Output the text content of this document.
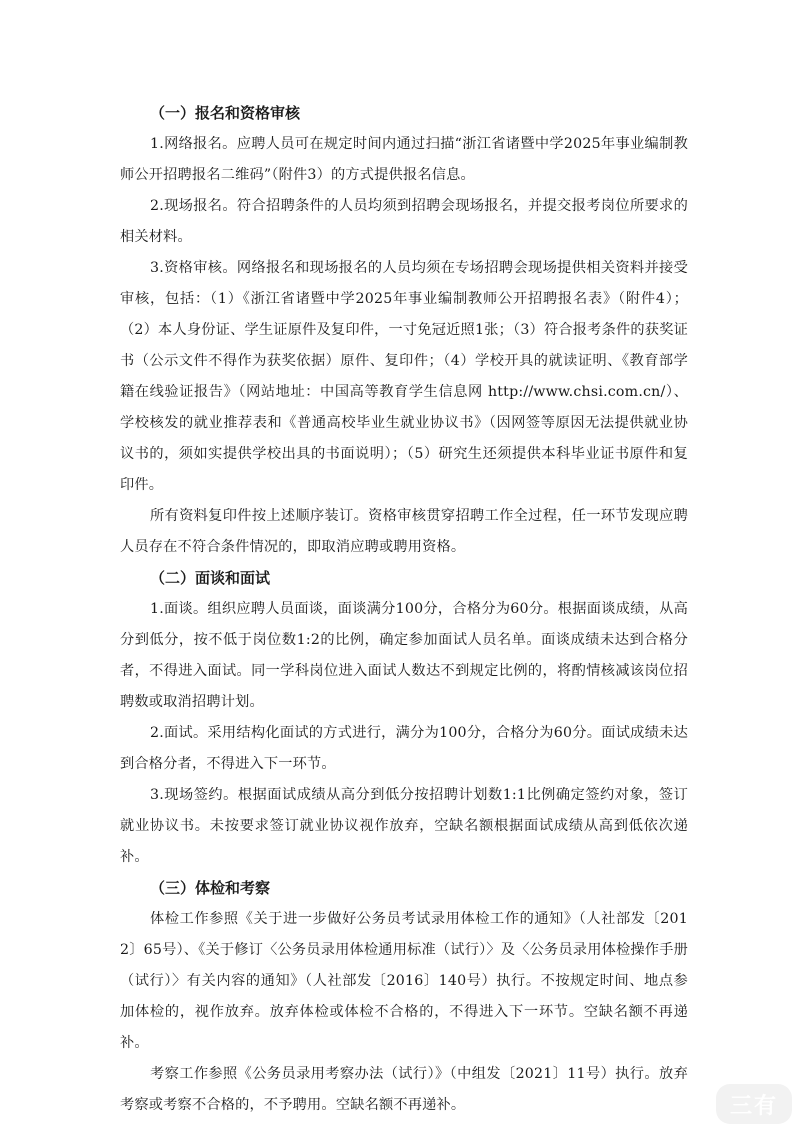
（一）报名和资格审核

1.网络报名。应聘人员可在规定时间内通过扫描“浙江省诸暨中学2025年事业编制教师公开招聘报名二维码”（附件3）的方式提供报名信息。

2.现场报名。符合招聘条件的人员均须到招聘会现场报名，并提交报考岗位所要求的相关材料。

3.资格审核。网络报名和现场报名的人员均须在专场招聘会现场提供相关资料并接受审核，包括：（1）《浙江省诸暨中学2025年事业编制教师公开招聘报名表》（附件4）；（2）本人身份证、学生证原件及复印件，一寸免冠近照1张；（3）符合报考条件的获奖证书（公示文件不得作为获奖依据）原件、复印件；（4）学校开具的就读证明、《教育部学籍在线验证报告》（网站地址：中国高等教育学生信息网 http://www.chsi.com.cn/）、学校核发的就业推荐表和《普通高校毕业生就业协议书》（因网签等原因无法提供就业协议书的，须如实提供学校出具的书面说明）；（5）研究生还须提供本科毕业证书原件和复印件。

所有资料复印件按上述顺序装订。资格审核贯穿招聘工作全过程，任一环节发现应聘人员存在不符合条件情况的，即取消应聘或聘用资格。

（二）面谈和面试

1.面谈。组织应聘人员面谈，面谈满分100分，合格分为60分。根据面谈成绩，从高分到低分，按不低于岗位数1:2的比例，确定参加面试人员名单。面谈成绩未达到合格分者，不得进入面试。同一学科岗位进入面试人数达不到规定比例的，将酌情核减该岗位招聘数或取消招聘计划。

2.面试。采用结构化面试的方式进行，满分为100分，合格分为60分。面试成绩未达到合格分者，不得进入下一环节。

3.现场签约。根据面试成绩从高分到低分按招聘计划数1:1比例确定签约对象，签订就业协议书。未按要求签订就业协议视作放弃，空缺名额根据面试成绩从高到低依次递补。

（三）体检和考察

体检工作参照《关于进一步做好公务员考试录用体检工作的通知》（人社部发〔2012〕65号）、《关于修订〈公务员录用体检通用标准（试行）〉及〈公务员录用体检操作手册（试行）〉有关内容的通知》（人社部发〔2016〕140号）执行。不按规定时间、地点参加体检的，视作放弃。放弃体检或体检不合格的，不得进入下一环节。空缺名额不再递补。

考察工作参照《公务员录用考察办法（试行）》（中组发〔2021〕11号）执行。放弃考察或考察不合格的，不予聘用。空缺名额不再递补。	三有
